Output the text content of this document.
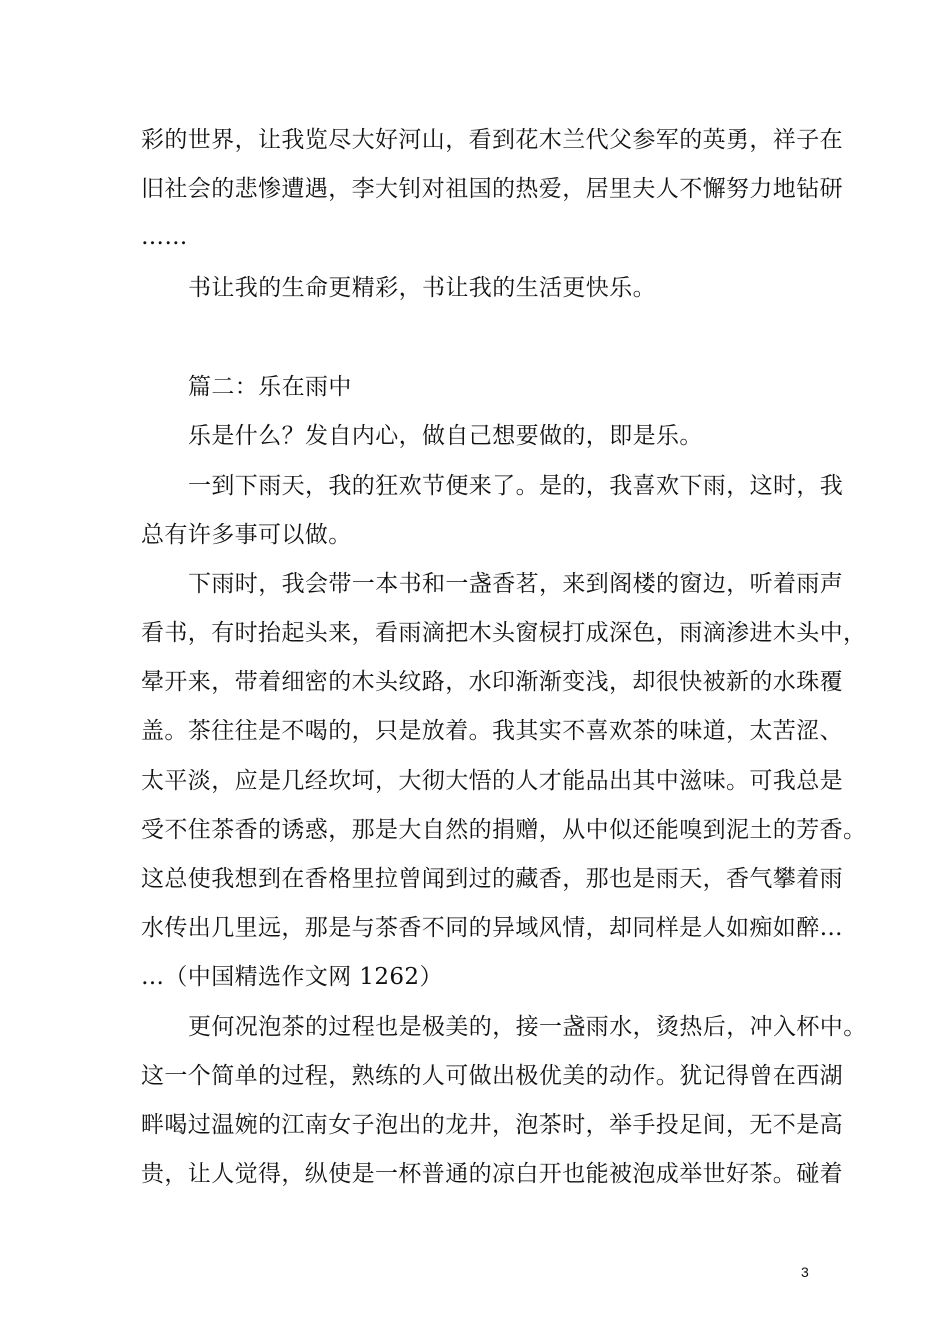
彩的世界，让我览尽大好河山，看到花木兰代父参军的英勇，祥子在
旧社会的悲惨遭遇，李大钊对祖国的热爱，居里夫人不懈努力地钻研
……
书让我的生命更精彩，书让我的生活更快乐。
篇二：乐在雨中
乐是什么？发自内心，做自己想要做的，即是乐。
一到下雨天，我的狂欢节便来了。是的，我喜欢下雨，这时，我
总有许多事可以做。
下雨时，我会带一本书和一盏香茗，来到阁楼的窗边，听着雨声
看书，有时抬起头来，看雨滴把木头窗棂打成深色，雨滴渗进木头中，
晕开来，带着细密的木头纹路，水印渐渐变浅，却很快被新的水珠覆
盖。茶往往是不喝的，只是放着。我其实不喜欢茶的味道，太苦涩、
太平淡，应是几经坎坷，大彻大悟的人才能品出其中滋味。可我总是
受不住茶香的诱惑，那是大自然的捐赠，从中似还能嗅到泥土的芳香。
这总使我想到在香格里拉曾闻到过的藏香，那也是雨天，香气攀着雨
水传出几里远，那是与茶香不同的异域风情，却同样是人如痴如醉…
…（中国精选作文网 1262）
更何况泡茶的过程也是极美的，接一盏雨水，烫热后，冲入杯中。
这一个简单的过程，熟练的人可做出极优美的动作。犹记得曾在西湖
畔喝过温婉的江南女子泡出的龙井，泡茶时，举手投足间，无不是高
贵，让人觉得，纵使是一杯普通的凉白开也能被泡成举世好茶。碰着
3
